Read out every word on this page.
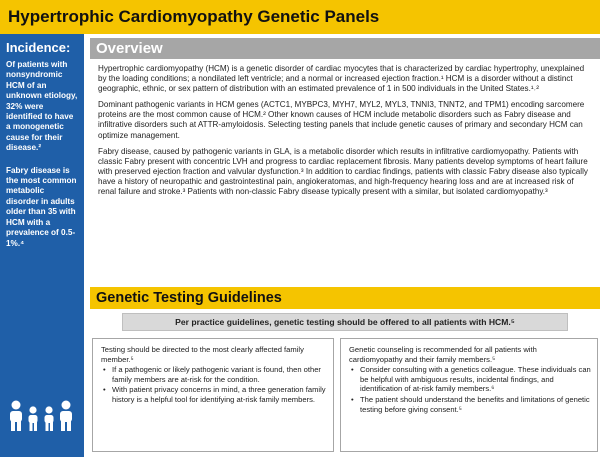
Hypertrophic Cardiomyopathy Genetic Panels
Incidence:

Of patients with nonsyndromic HCM of an unknown etiology, 32% were identified to have a monogenetic cause for their disease.²

Fabry disease is the most common metabolic disorder in adults older than 35 with HCM with a prevalence of 0.5-1%.⁴

Overview

Hypertrophic cardiomyopathy (HCM) is a genetic disorder of cardiac myocytes that is characterized by cardiac hypertrophy, unexplained by the loading conditions; a nondilated left ventricle; and a normal or increased ejection fraction.¹ HCM is a disorder without a distinct geographic, ethnic, or sex pattern of distribution with an estimated prevalence of 1 in 500 individuals in the United States.¹˒²

Dominant pathogenic variants in HCM genes (ACTC1, MYBPC3, MYH7, MYL2, MYL3, TNNI3, TNNT2, and TPM1) encoding sarcomere proteins are the most common cause of HCM.² Other known causes of HCM include metabolic disorders such as Fabry disease and infiltrative disorders such at ATTR-amyloidosis. Selecting testing panels that include genetic causes of primary and secondary HCM can optimize management.

Fabry disease, caused by pathogenic variants in GLA, is a metabolic disorder which results in infiltrative cardiomyopathy. Patients with classic Fabry present with concentric LVH and progress to cardiac replacement fibrosis. Many patients develop symptoms of heart failure with preserved ejection fraction and valvular dysfunction.³ In addition to cardiac findings, patients with classic Fabry disease also typically have a history of neuropathic and gastrointestinal pain, angiokeratomas, and high-frequency hearing loss and are at increased risk of renal failure and stroke.³ Patients with non-classic Fabry disease typically present with a similar, but isolated cardiomyopathy.³

Genetic Testing Guidelines

Per practice guidelines, genetic testing should be offered to all patients with HCM.⁵

Testing should be directed to the most clearly affected family member.⁵

• If a pathogenic or likely pathogenic variant is found, then other family members are at-risk for the condition.
• With patient privacy concerns in mind, a three generation family history is a helpful tool for identifying at-risk family members.

Genetic counseling is recommended for all patients with cardiomyopathy and their family members.⁵

• Consider consulting with a genetics colleague. These individuals can be helpful with ambiguous results, incidental findings, and identification of at-risk family members.⁶
• The patient should understand the benefits and limitations of genetic testing before giving consent.⁵
